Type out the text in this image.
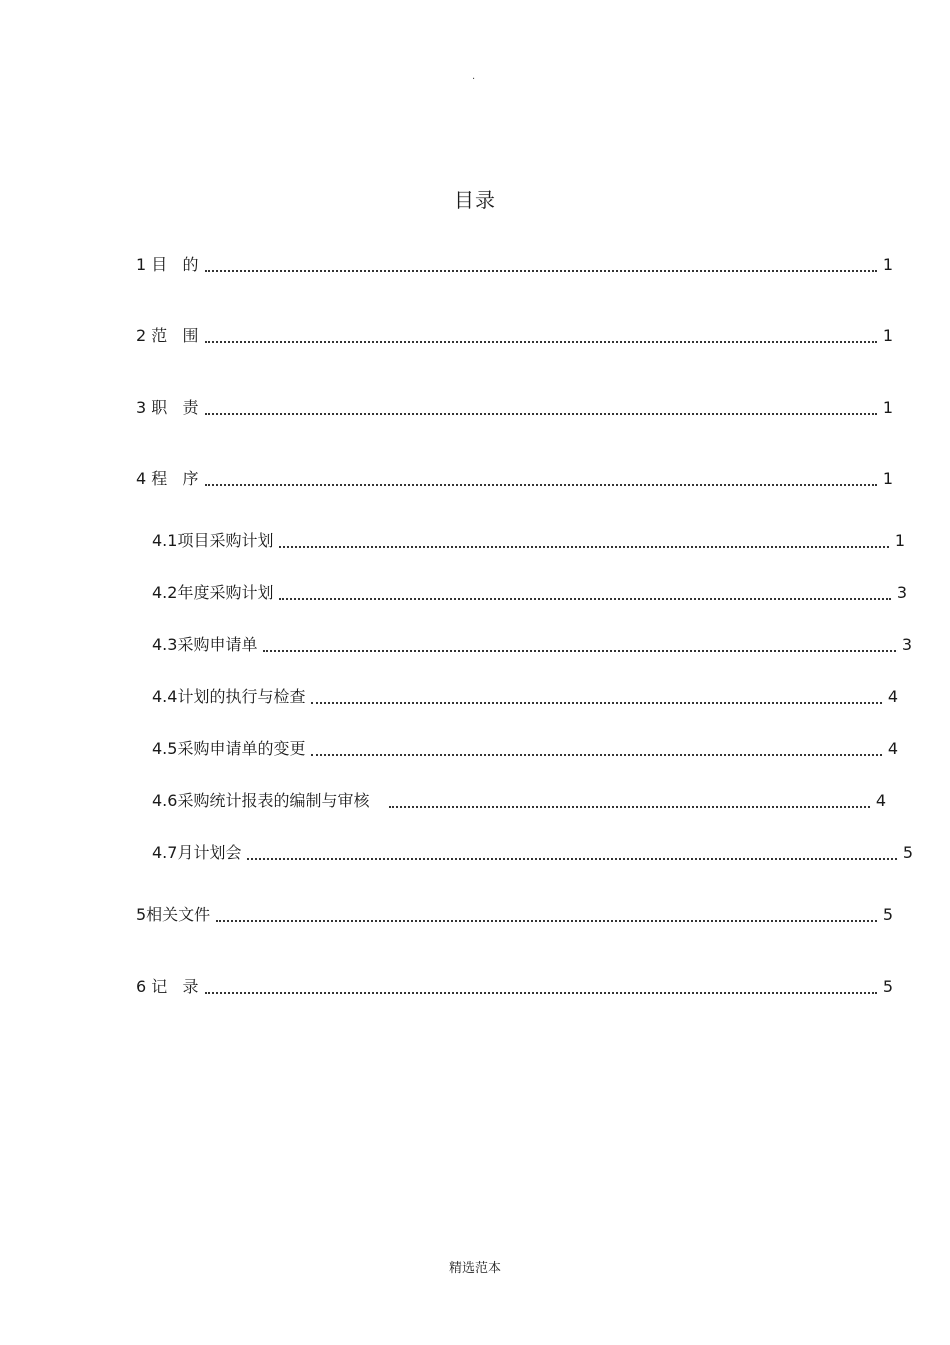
.
目录
1 目   的	1
2 范   围	1
3 职   责	1
4 程   序	1
4.1项目采购计划	1
4.2年度采购计划	3
4.3采购申请单	3
4.4计划的执行与检查	4
4.5采购申请单的变更	4
4.6采购统计报表的编制与审核	4
4.7月计划会	5
5相关文件	5
6 记   录	5
精选范本
